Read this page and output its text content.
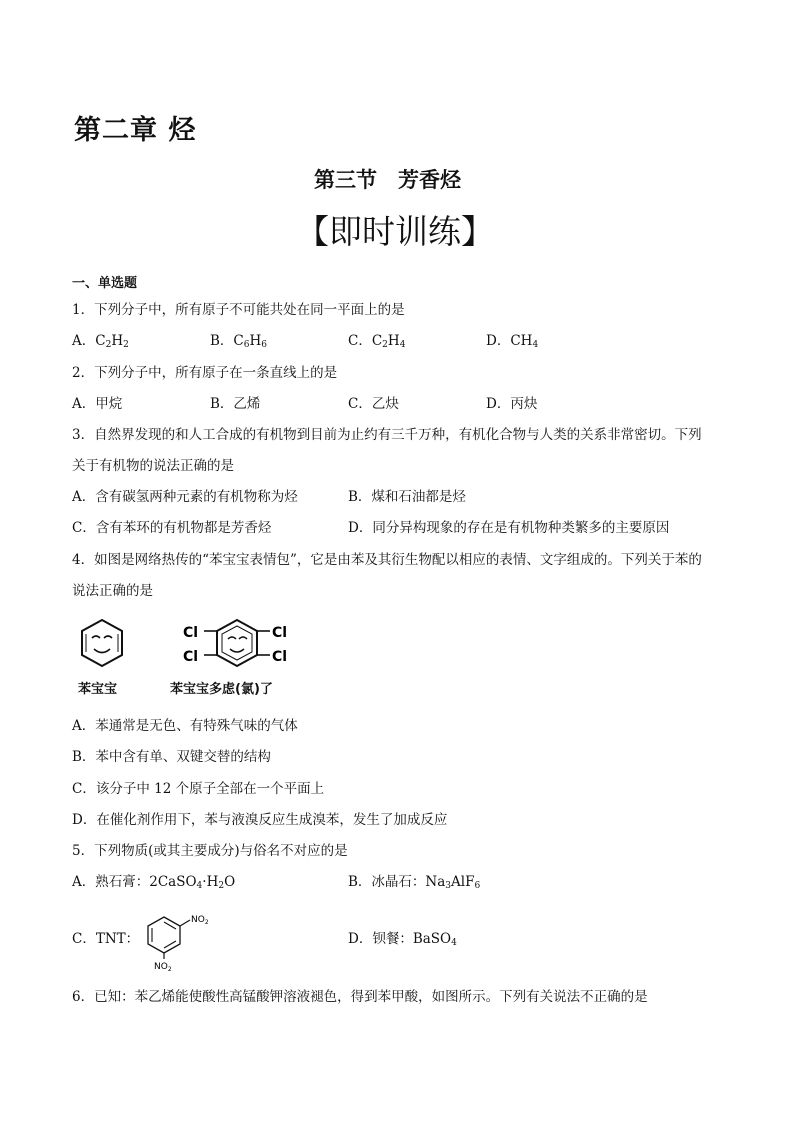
第二章 烃
第三节　芳香烃
【即时训练】
一、单选题
1．下列分子中，所有原子不可能共处在同一平面上的是
A．$C_2H_2$	B．$C_6H_6$	C．$C_2H_4$	D．$CH_4$
2．下列分子中，所有原子在一条直线上的是
A．甲烷	B．乙烯	C．乙炔	D．丙炔
3．自然界发现的和人工合成的有机物到目前为止约有三千万种，有机化合物与人类的关系非常密切。下列
关于有机物的说法正确的是
A．含有碳氢两种元素的有机物称为烃	B．煤和石油都是烃
C．含有苯环的有机物都是芳香烃	D．同分异构现象的存在是有机物种类繁多的主要原因
4．如图是网络热传的“苯宝宝表情包”，它是由苯及其衍生物配以相应的表情、文字组成的。下列关于苯的
说法正确的是
Cl
Cl
Cl
Cl
苯宝宝	苯宝宝多虑(氯)了
A．苯通常是无色、有特殊气味的气体
B．苯中含有单、双键交替的结构
C．该分子中 12 个原子全部在一个平面上
D．在催化剂作用下，苯与液溴反应生成溴苯，发生了加成反应
5．下列物质(或其主要成分)与俗名不对应的是
A．熟石膏：$2CaSO_4\cdot H_2O$	B．冰晶石：$Na_3AlF_6$
C．TNT：
$NO_2$
$NO_2$
D．钡餐：BaSO$_4$
6．已知：苯乙烯能使酸性高锰酸钾溶液褪色，得到苯甲酸，如图所示。下列有关说法不正确的是
